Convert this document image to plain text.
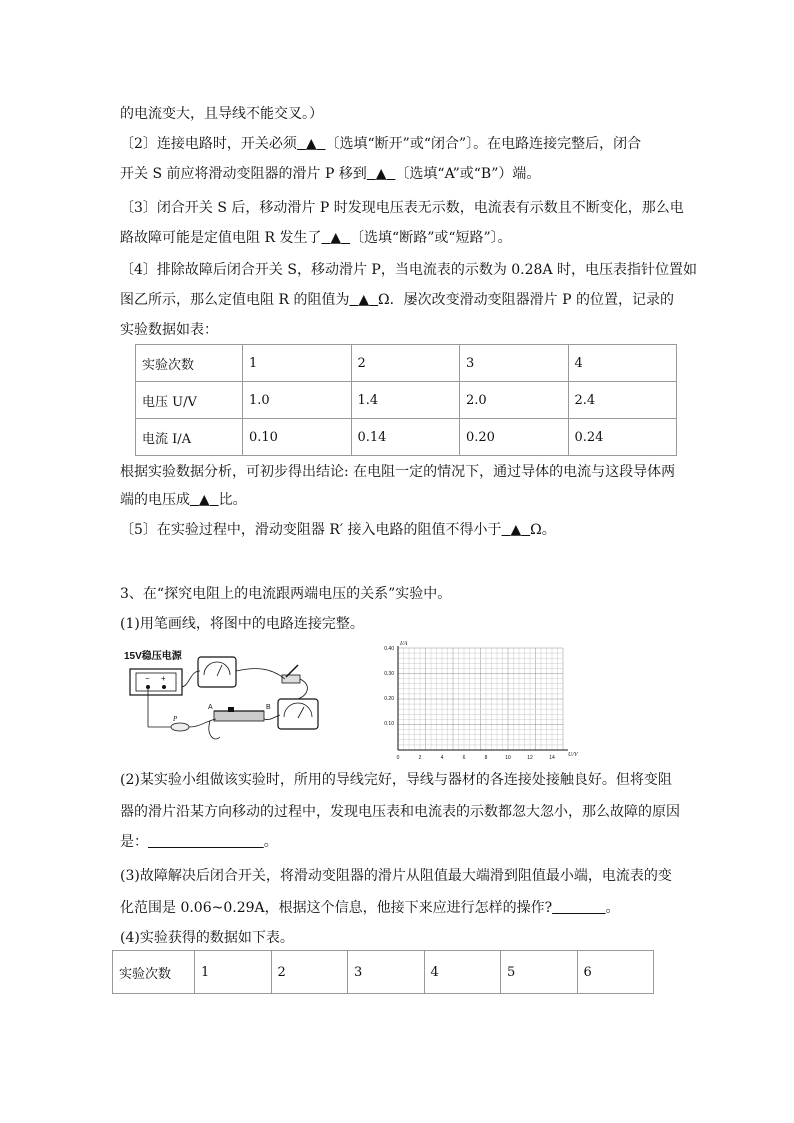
的电流变大，且导线不能交叉。）
〔2〕连接电路时，开关必须 ▲ 〔选填“断开”或“闭合”〕。在电路连接完整后，闭合
开关 S 前应将滑动变阻器的滑片 P 移到 ▲ 〔选填“A”或“B”）端。
〔3〕闭合开关 S 后，移动滑片 P 时发现电压表无示数，电流表有示数且不断变化，那么电
路故障可能是定值电阻 R 发生了 ▲ 〔选填“断路”或“短路”〕。
〔4〕排除故障后闭合开关 S，移动滑片 P，当电流表的示数为 0.28A 时，电压表指针位置如
图乙所示，那么定值电阻 R 的阻值为 ▲ Ω．屡次改变滑动变阻器滑片 P 的位置，记录的
实验数据如表：
实验次数	1	2	3	4
电压 U/V	1.0	1.4	2.0	2.4
电流 I/A	0.10	0.14	0.20	0.24
根据实验数据分析，可初步得出结论: 在电阻一定的情况下，通过导体的电流与这段导体两
端的电压成 ▲ 比。
〔5〕在实验过程中，滑动变阻器 R′ 接入电路的阻值不得小于 ▲ Ω。
3、在“探究电阻上的电流跟两端电压的关系”实验中。
(1)用笔画线，将图中的电路连接完整。
15V稳压电源
− +
P
A	B
I/A
U/V
0.40
0.30
0.20
0.10
0	2	4	6	8	10	12	14
(2)某实验小组做该实验时，所用的导线完好，导线与器材的各连接处接触良好。但将变阻
器的滑片沿某方向移动的过程中，发现电压表和电流表的示数都忽大忽小，那么故障的原因
是：	。
(3)故障解决后闭合开关，将滑动变阻器的滑片从阻值最大端滑到阻值最小端，电流表的变
化范围是 0.06~0.29A，根据这个信息，他接下来应进行怎样的操作?	。
(4)实验获得的数据如下表。
实验次数	1	2	3	4	5	6
